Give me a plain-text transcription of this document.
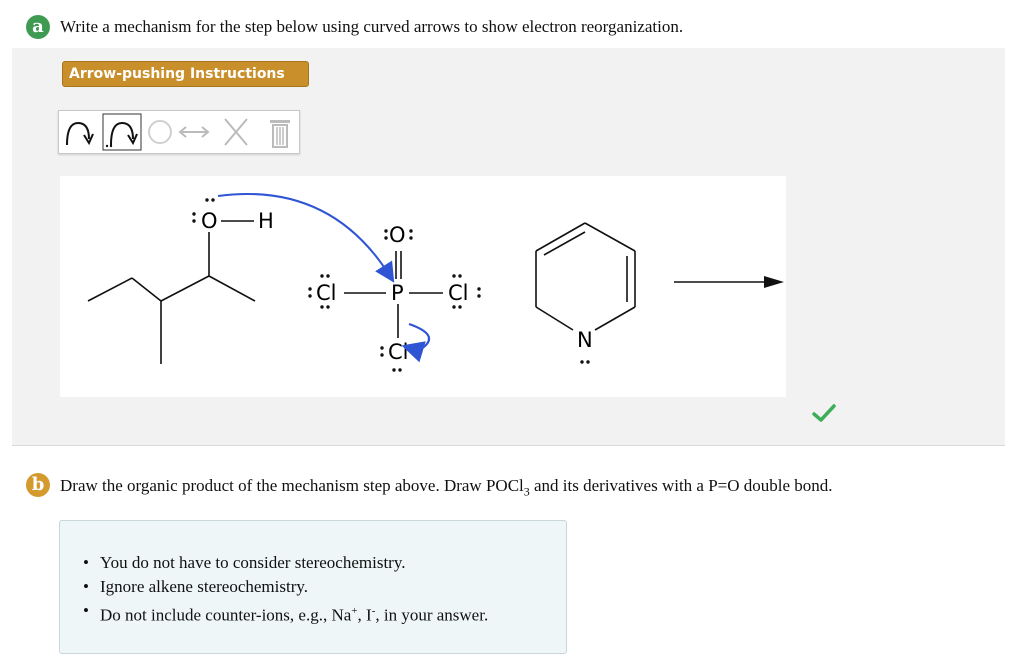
a Write a mechanism for the step below using curved arrows to show electron reorganization.
Arrow-pushing Instructions
O H
O
P
Cl	Cl
Cl	N
b Draw the organic product of the mechanism step above. Draw POCl$_3$ and its derivatives with a P=O double bond.
• You do not have to consider stereochemistry.
• Ignore alkene stereochemistry.
• Do not include counter-ions, e.g., Na+, I-, in your answer.
